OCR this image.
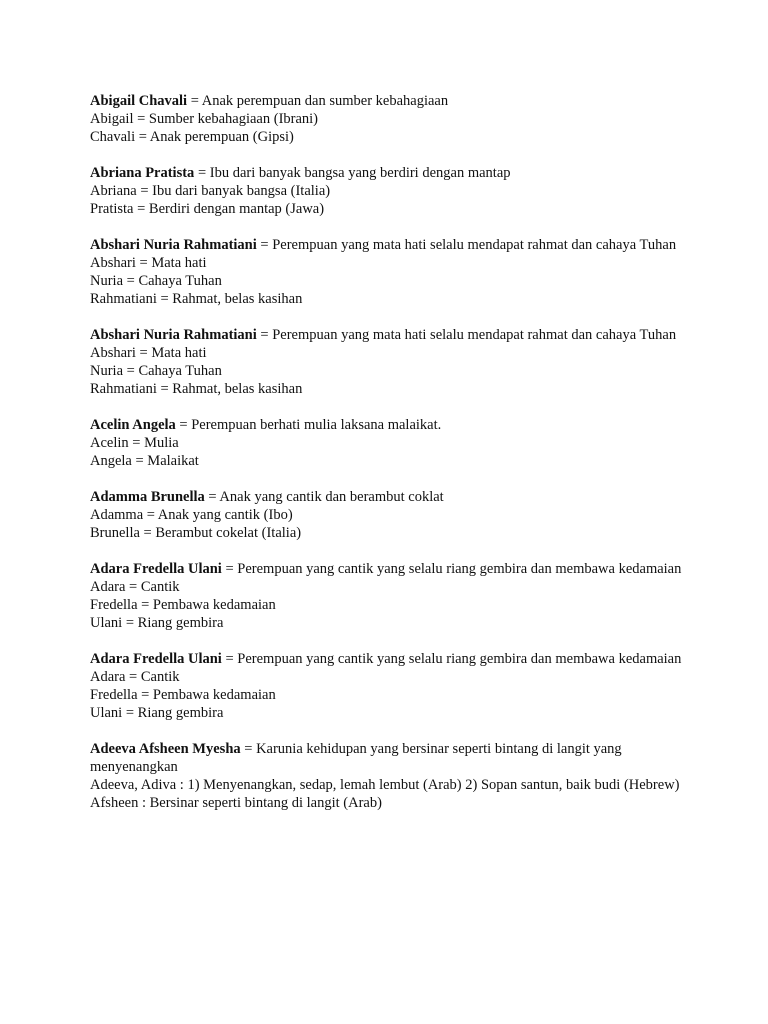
Abigail Chavali = Anak perempuan dan sumber kebahagiaan

Abigail = Sumber kebahagiaan (Ibrani)

Chavali = Anak perempuan (Gipsi)

Abriana Pratista = Ibu dari banyak bangsa yang berdiri dengan mantap

Abriana = Ibu dari banyak bangsa (Italia)

Pratista = Berdiri dengan mantap (Jawa)

Abshari Nuria Rahmatiani = Perempuan yang mata hati selalu mendapat rahmat dan cahaya Tuhan

Abshari = Mata hati

Nuria = Cahaya Tuhan

Rahmatiani = Rahmat, belas kasihan

Abshari Nuria Rahmatiani = Perempuan yang mata hati selalu mendapat rahmat dan cahaya Tuhan

Abshari = Mata hati

Nuria = Cahaya Tuhan

Rahmatiani = Rahmat, belas kasihan

Acelin Angela = Perempuan berhati mulia laksana malaikat.

Acelin = Mulia

Angela = Malaikat

Adamma Brunella = Anak yang cantik dan berambut coklat

Adamma = Anak yang cantik (Ibo)

Brunella = Berambut cokelat (Italia)

Adara Fredella Ulani = Perempuan yang cantik yang selalu riang gembira dan membawa kedamaian

Adara = Cantik

Fredella = Pembawa kedamaian

Ulani = Riang gembira

Adara Fredella Ulani = Perempuan yang cantik yang selalu riang gembira dan membawa kedamaian

Adara = Cantik

Fredella = Pembawa kedamaian

Ulani = Riang gembira

Adeeva Afsheen Myesha = Karunia kehidupan yang bersinar seperti bintang di langit yang menyenangkan

Adeeva, Adiva : 1) Menyenangkan, sedap, lemah lembut (Arab) 2) Sopan santun, baik budi (Hebrew)

Afsheen : Bersinar seperti bintang di langit (Arab)
